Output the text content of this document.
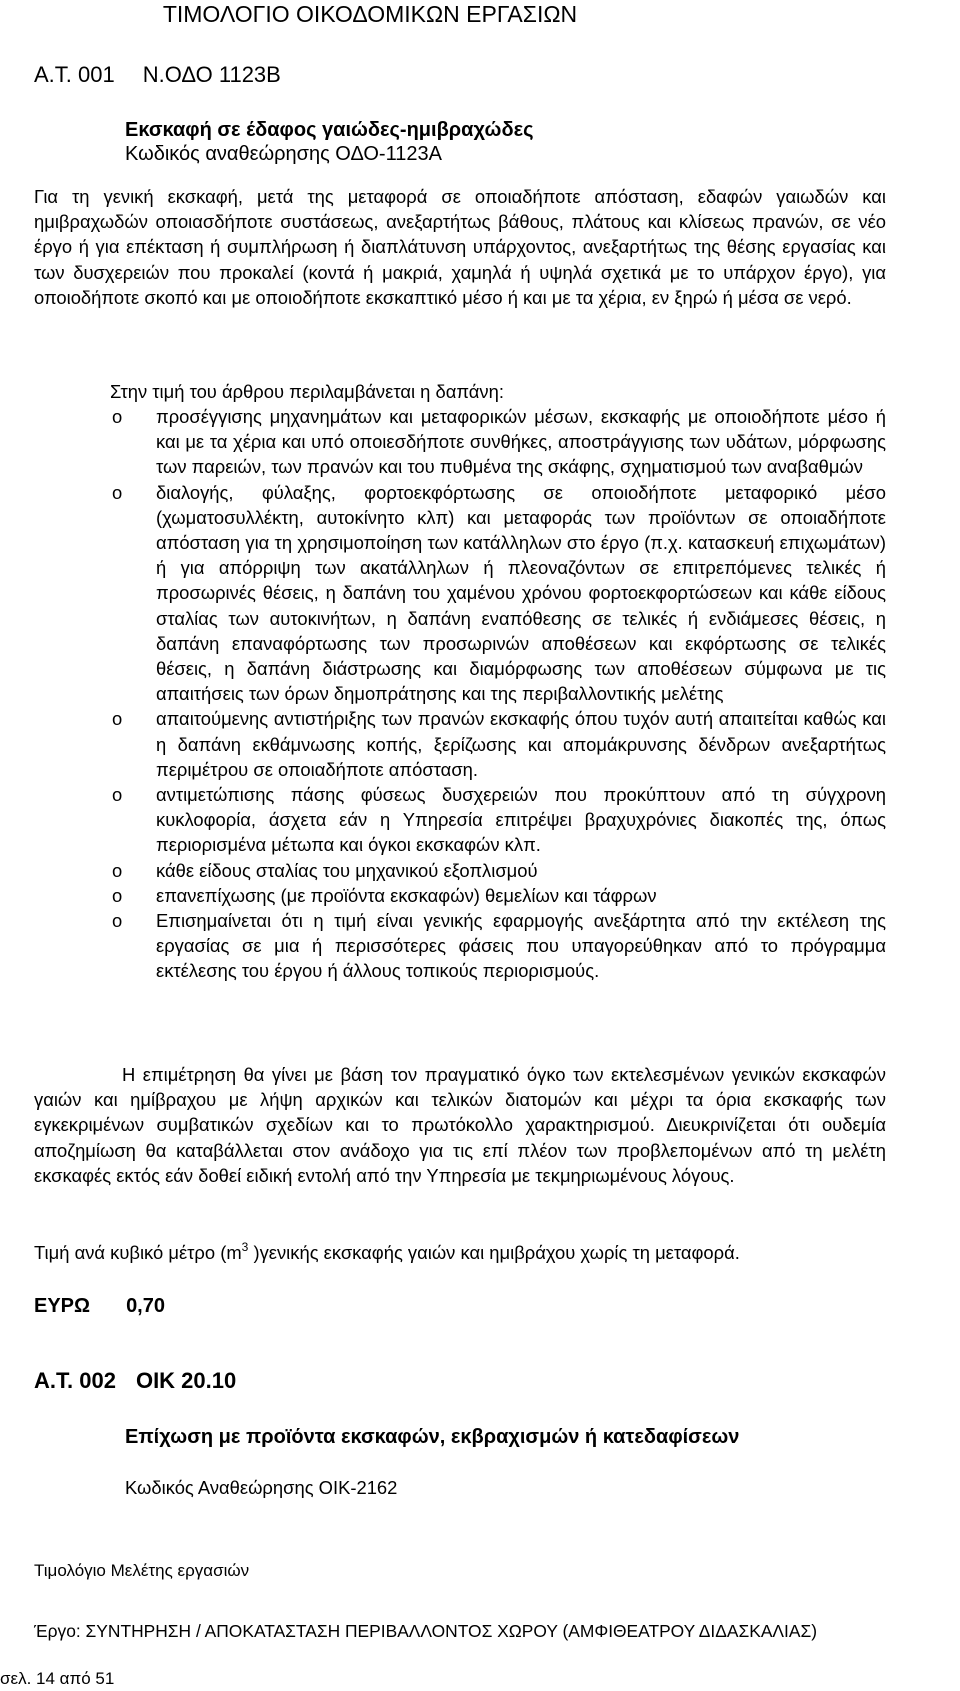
ΤΙΜΟΛΟΓΙΟ ΟΙΚΟΔΟΜΙΚΩΝ ΕΡΓΑΣΙΩΝ
Α.Τ. 001 Ν.ΟΔΟ 1123Β
Εκσκαφή σε έδαφος γαιώδες-ημιβραχώδες
Κωδικός αναθεώρησης ΟΔΟ-1123Α

Για τη γενική εκσκαφή, μετά της μεταφορά σε οποιαδήποτε απόσταση, εδαφών γαιωδών και ημιβραχωδών οποιασδήποτε συστάσεως, ανεξαρτήτως βάθους, πλάτους και κλίσεως πρανών, σε νέο έργο ή για επέκταση ή συμπλήρωση ή διαπλάτυνση υπάρχοντος, ανεξαρτήτως της θέσης εργασίας και των δυσχερειών που προκαλεί (κοντά ή μακριά, χαμηλά ή υψηλά σχετικά με το υπάρχον έργο), για οποιοδήποτε σκοπό και με οποιοδήποτε εκσκαπτικό μέσο ή και με τα χέρια, εν ξηρώ ή μέσα σε νερό.

Στην τιμή του άρθρου περιλαμβάνεται η δαπάνη:
o προσέγγισης μηχανημάτων και μεταφορικών μέσων, εκσκαφής με οποιοδήποτε μέσο ή και με τα χέρια και υπό οποιεσδήποτε συνθήκες, αποστράγγισης των υδάτων, μόρφωσης των παρειών, των πρανών και του πυθμένα της σκάφης, σχηματισμού των αναβαθμών
o διαλογής, φύλαξης, φορτοεκφόρτωσης σε οποιοδήποτε μεταφορικό μέσο (χωματοσυλλέκτη, αυτοκίνητο κλπ) και μεταφοράς των προϊόντων σε οποιαδήποτε απόσταση για τη χρησιμοποίηση των κατάλληλων στο έργο (π.χ. κατασκευή επιχωμάτων) ή για απόρριψη των ακατάλληλων ή πλεοναζόντων σε επιτρεπόμενες τελικές ή προσωρινές θέσεις, η δαπάνη του χαμένου χρόνου φορτοεκφορτώσεων και κάθε είδους σταλίας των αυτοκινήτων, η δαπάνη εναπόθεσης σε τελικές ή ενδιάμεσες θέσεις, η δαπάνη επαναφόρτωσης των προσωρινών αποθέσεων και εκφόρτωσης σε τελικές θέσεις, η δαπάνη διάστρωσης και διαμόρφωσης των αποθέσεων σύμφωνα με τις απαιτήσεις των όρων δημοπράτησης και της περιβαλλοντικής μελέτης
o απαιτούμενης αντιστήριξης των πρανών εκσκαφής όπου τυχόν αυτή απαιτείται καθώς και η δαπάνη εκθάμνωσης κοπής, ξερίζωσης και απομάκρυνσης δένδρων ανεξαρτήτως περιμέτρου σε οποιαδήποτε απόσταση.
o αντιμετώπισης πάσης φύσεως δυσχερειών που προκύπτουν από τη σύγχρονη κυκλοφορία, άσχετα εάν η Υπηρεσία επιτρέψει βραχυχρόνιες διακοπές της, όπως περιορισμένα μέτωπα και όγκοι εκσκαφών κλπ.
o κάθε είδους σταλίας του μηχανικού εξοπλισμού
o επανεπίχωσης (με προϊόντα εκσκαφών) θεμελίων και τάφρων
o Επισημαίνεται ότι η τιμή είναι γενικής εφαρμογής ανεξάρτητα από την εκτέλεση της εργασίας σε μια ή περισσότερες φάσεις που υπαγορεύθηκαν από το πρόγραμμα εκτέλεσης του έργου ή άλλους τοπικούς περιορισμούς.

Η επιμέτρηση θα γίνει με βάση τον πραγματικό όγκο των εκτελεσμένων γενικών εκσκαφών γαιών και ημίβραχου με λήψη αρχικών και τελικών διατομών και μέχρι τα όρια εκσκαφής των εγκεκριμένων συμβατικών σχεδίων και το πρωτόκολλο χαρακτηρισμού. Διευκρινίζεται ότι ουδεμία αποζημίωση θα καταβάλλεται στον ανάδοχο για τις επί πλέον των προβλεπομένων από τη μελέτη εκσκαφές εκτός εάν δοθεί ειδική εντολή από την Υπηρεσία με τεκμηριωμένους λόγους.

Τιμή ανά κυβικό μέτρο ($m^3$ )γενικής εκσκαφής γαιών και ημιβράχου χωρίς τη μεταφορά.
ΕΥΡΩ 0,70
Α.Τ. 002 ΟΙΚ 20.10
Επίχωση με προϊόντα εκσκαφών, εκβραχισμών ή κατεδαφίσεων
Κωδικός Αναθεώρησης ΟΙΚ-2162
Τιμολόγιο Μελέτης εργασιών
Έργο: ΣΥΝΤΗΡΗΣΗ / ΑΠΟΚΑΤΑΣΤΑΣΗ ΠΕΡΙΒΑΛΛΟΝΤΟΣ ΧΩΡΟΥ (ΑΜΦΙΘΕΑΤΡΟΥ ΔΙΔΑΣΚΑΛΙΑΣ)
σελ. 14 από 51
